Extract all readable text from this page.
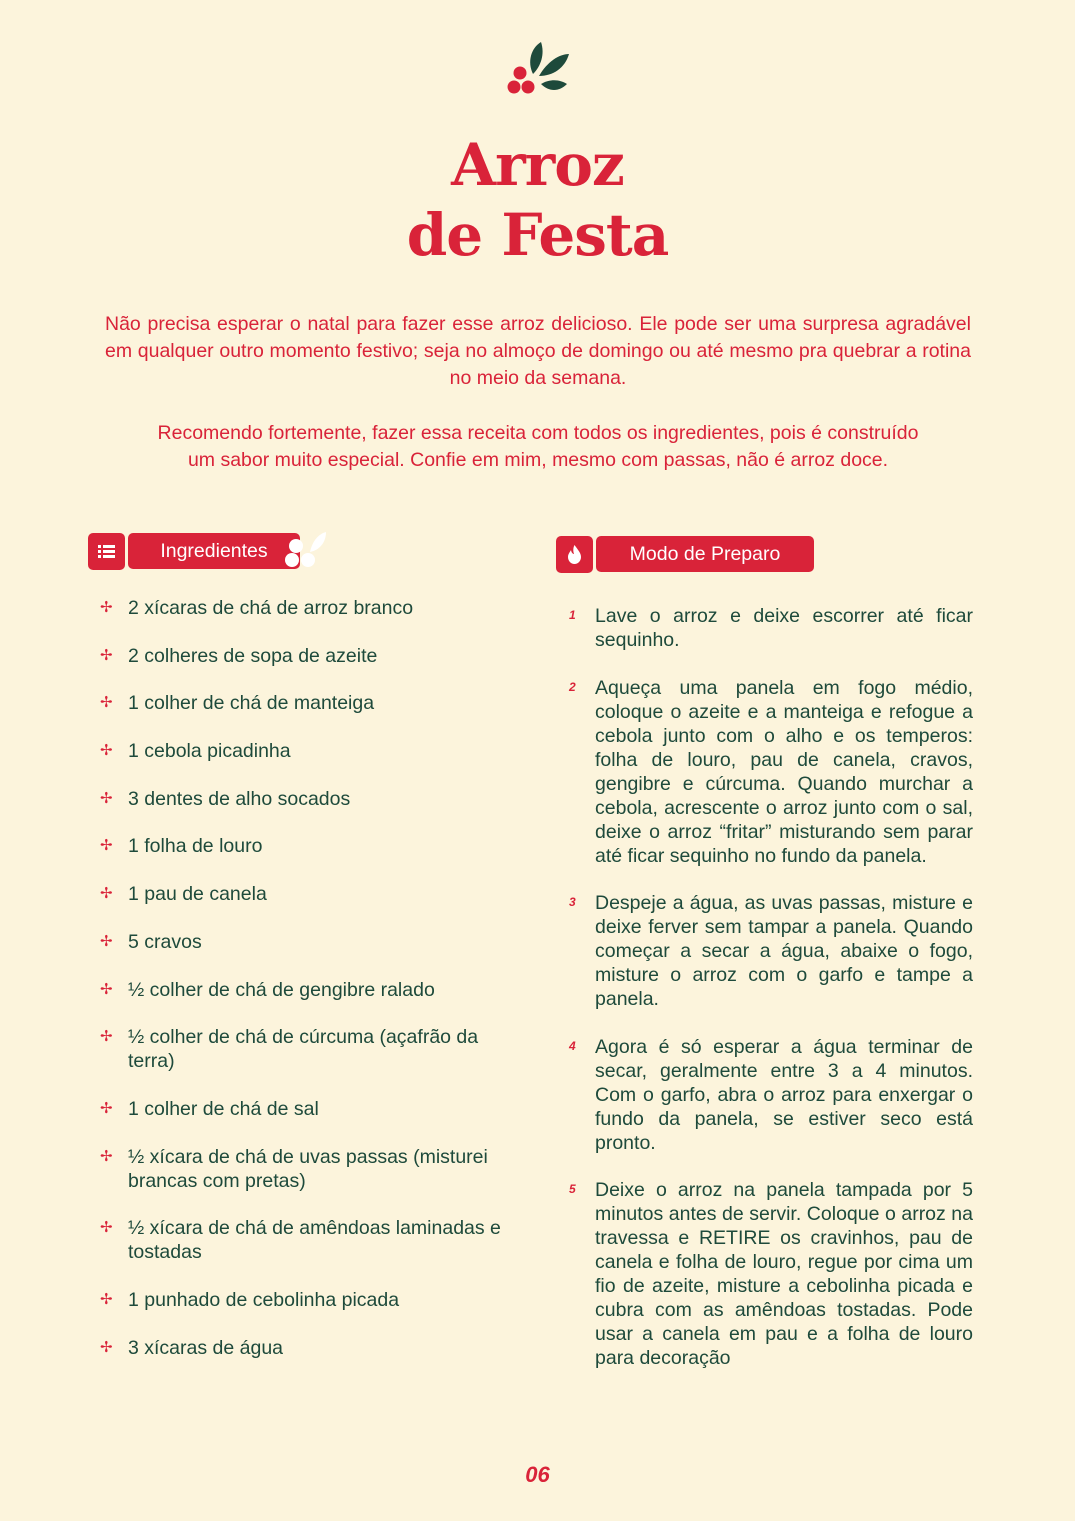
Arroz
de Festa
Não precisa esperar o natal para fazer esse arroz delicioso. Ele pode ser uma surpresa agradável em qualquer outro momento festivo; seja no almoço de domingo ou até mesmo pra quebrar a rotina no meio da semana.
Recomendo fortemente, fazer essa receita com todos os ingredientes, pois é construído
um sabor muito especial. Confie em mim, mesmo com passas, não é arroz doce.
Ingredientes	Modo de Preparo
✢ 2 xícaras de chá de arroz branco
✢ 2 colheres de sopa de azeite
✢ 1 colher de chá de manteiga
✢ 1 cebola picadinha
✢ 3 dentes de alho socados
✢ 1 folha de louro
✢ 1 pau de canela
✢ 5 cravos
✢ ½ colher de chá de gengibre ralado
✢ ½ colher de chá de cúrcuma (açafrão da terra)
✢ 1 colher de chá de sal
✢ ½ xícara de chá de uvas passas (misturei brancas com pretas)
✢ ½ xícara de chá de amêndoas laminadas e tostadas
✢ 1 punhado de cebolinha picada
✢ 3 xícaras de água
1 Lave o arroz e deixe escorrer até ficar sequinho.
2 Aqueça uma panela em fogo médio, coloque o azeite e a manteiga e refogue a cebola junto com o alho e os temperos: folha de louro, pau de canela, cravos, gengibre e cúrcuma. Quando murchar a cebola, acrescente o arroz junto com o sal, deixe o arroz “fritar” misturando sem parar até ficar sequinho no fundo da panela.
3 Despeje a água, as uvas passas, misture e deixe ferver sem tampar a panela. Quando começar a secar a água, abaixe o fogo, misture o arroz com o garfo e tampe a panela.
4 Agora é só esperar a água terminar de secar, geralmente entre 3 a 4 minutos. Com o garfo, abra o arroz para enxergar o fundo da panela, se estiver seco está pronto.
5 Deixe o arroz na panela tampada por 5 minutos antes de servir. Coloque o arroz na travessa e RETIRE os cravinhos, pau de canela e folha de louro, regue por cima um fio de azeite, misture a cebolinha picada e cubra com as amêndoas tostadas. Pode usar a canela em pau e a folha de louro para decoração
06
